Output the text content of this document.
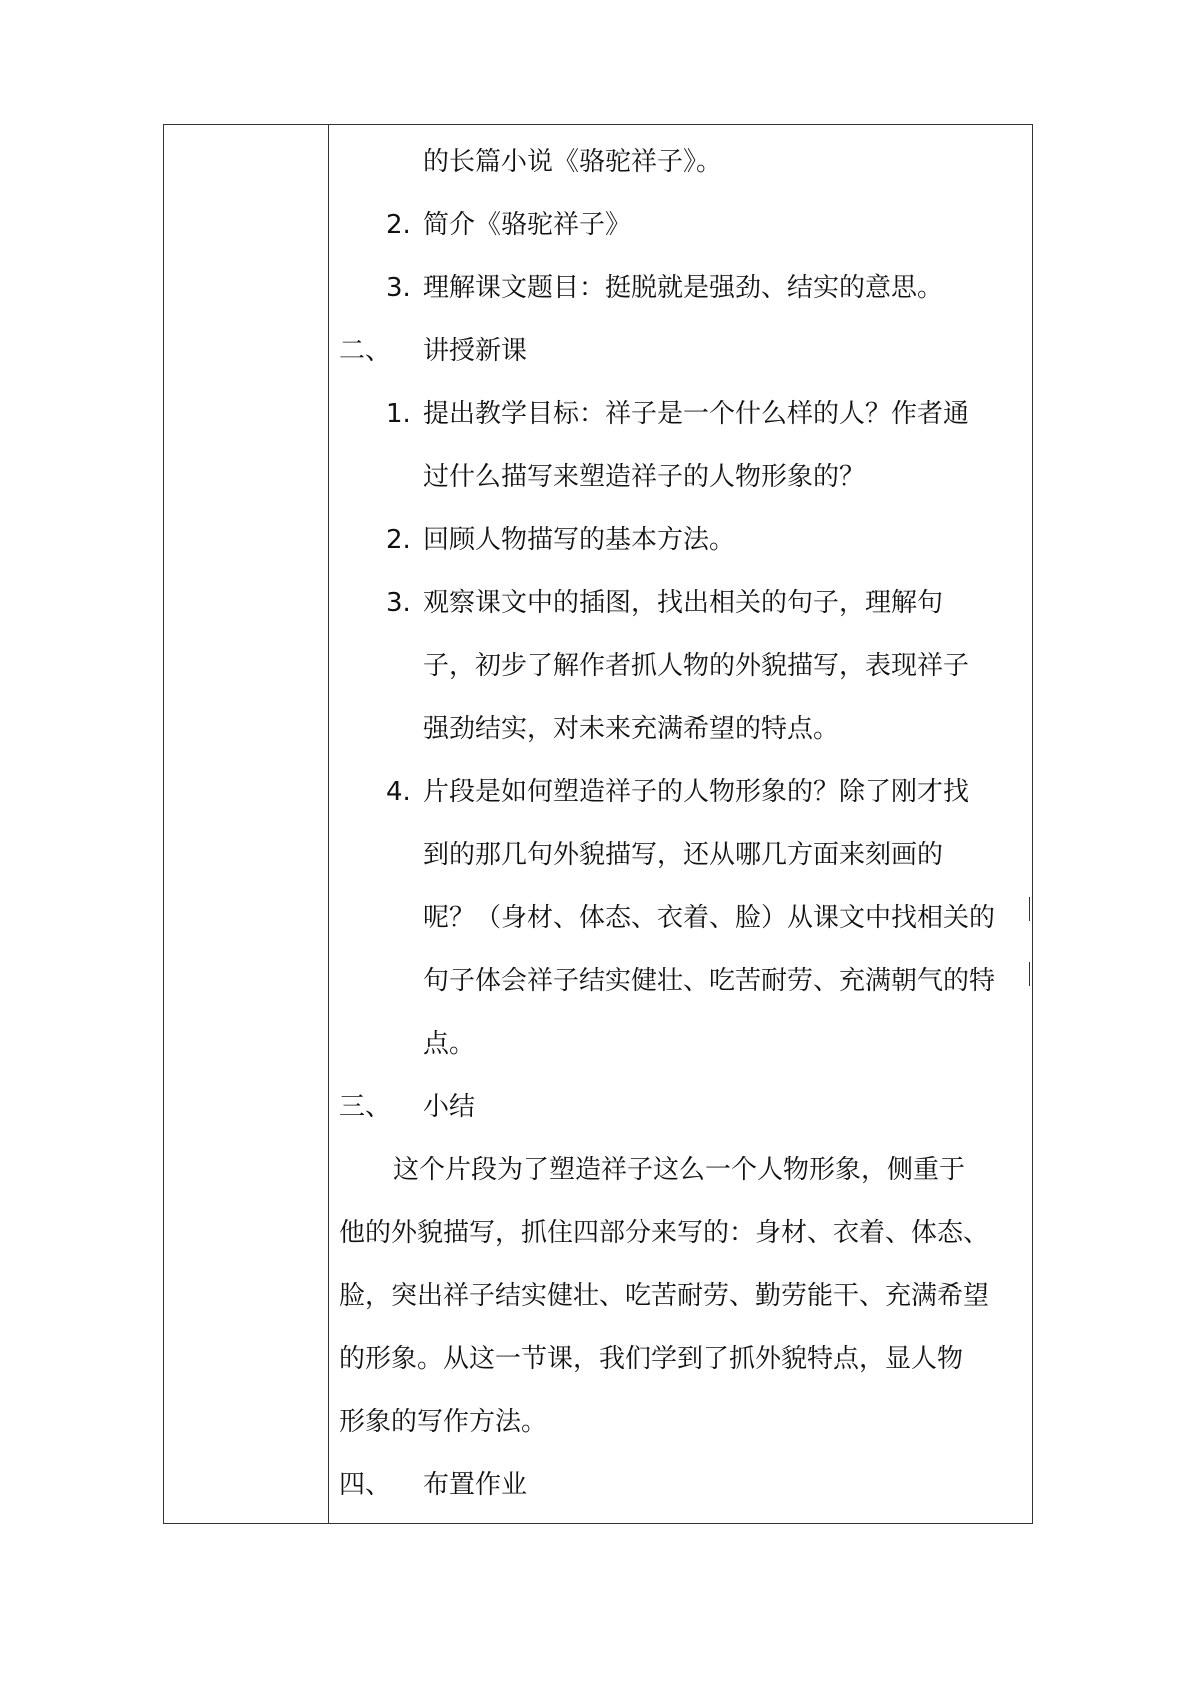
的长篇小说《骆驼祥子》。
2. 简介《骆驼祥子》
3. 理解课文题目：挺脱就是强劲、结实的意思。
二、 讲授新课
1. 提出教学目标：祥子是一个什么样的人？作者通
过什么描写来塑造祥子的人物形象的？
2. 回顾人物描写的基本方法。
3. 观察课文中的插图，找出相关的句子，理解句
子，初步了解作者抓人物的外貌描写，表现祥子
强劲结实，对未来充满希望的特点。
4. 片段是如何塑造祥子的人物形象的？除了刚才找
到的那几句外貌描写，还从哪几方面来刻画的
呢？（身材、体态、衣着、脸）从课文中找相关的
句子体会祥子结实健壮、吃苦耐劳、充满朝气的特
点。
三、 小结
这个片段为了塑造祥子这么一个人物形象，侧重于
他的外貌描写，抓住四部分来写的：身材、衣着、体态、
脸，突出祥子结实健壮、吃苦耐劳、勤劳能干、充满希望
的形象。从这一节课，我们学到了抓外貌特点，显人物
形象的写作方法。
四、 布置作业
